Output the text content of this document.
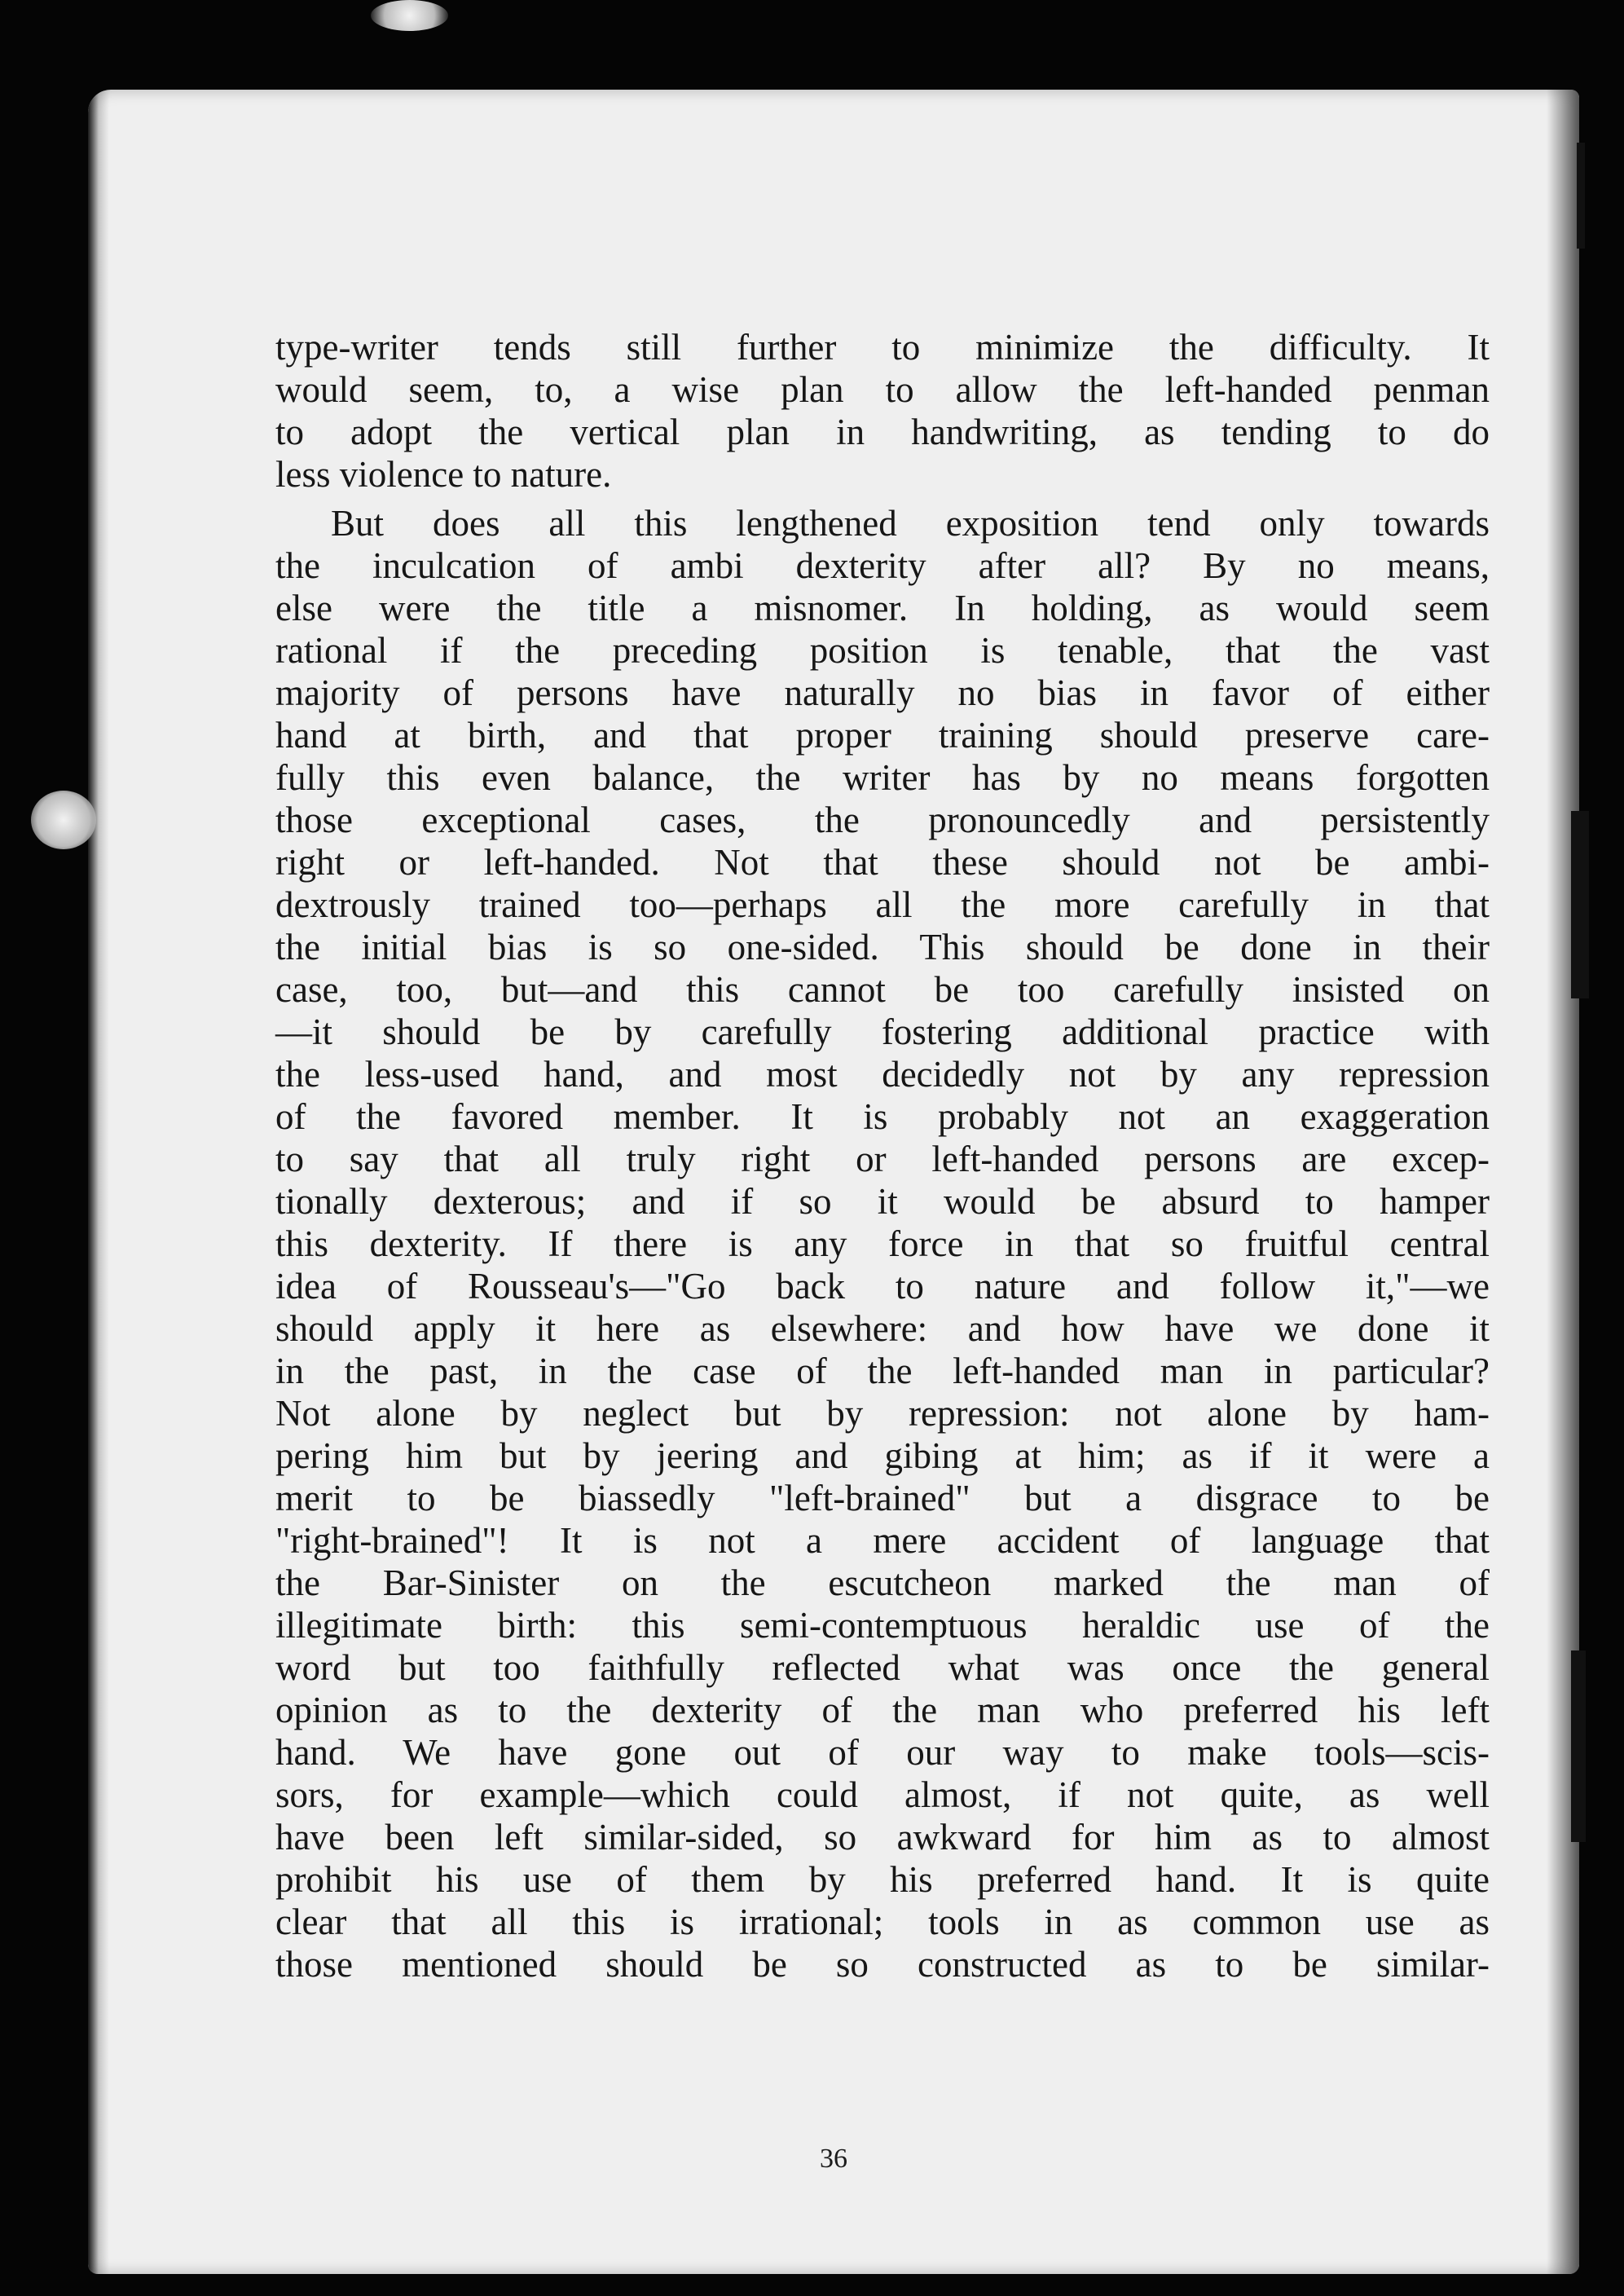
type-writer tends still further to minimize the difficulty. It
would seem, to, a wise plan to allow the left-handed penman
to adopt the vertical plan in handwriting, as tending to do
less violence to nature.
But does all this lengthened exposition tend only towards
the inculcation of ambi dexterity after all? By no means,
else were the title a misnomer. In holding, as would seem
rational if the preceding position is tenable, that the vast
majority of persons have naturally no bias in favor of either
hand at birth, and that proper training should preserve care-
fully this even balance, the writer has by no means forgotten
those exceptional cases, the pronouncedly and persistently
right or left-handed. Not that these should not be ambi-
dextrously trained too—perhaps all the more carefully in that
the initial bias is so one-sided. This should be done in their
case, too, but—and this cannot be too carefully insisted on
—it should be by carefully fostering additional practice with
the less-used hand, and most decidedly not by any repression
of the favored member. It is probably not an exaggeration
to say that all truly right or left-handed persons are excep-
tionally dexterous; and if so it would be absurd to hamper
this dexterity. If there is any force in that so fruitful central
idea of Rousseau's—"Go back to nature and follow it,"—we
should apply it here as elsewhere: and how have we done it
in the past, in the case of the left-handed man in particular?
Not alone by neglect but by repression: not alone by ham-
pering him but by jeering and gibing at him; as if it were a
merit to be biassedly "left-brained" but a disgrace to be
"right-brained"! It is not a mere accident of language that
the Bar-Sinister on the escutcheon marked the man of
illegitimate birth: this semi-contemptuous heraldic use of the
word but too faithfully reflected what was once the general
opinion as to the dexterity of the man who preferred his left
hand. We have gone out of our way to make tools—scis-
sors, for example—which could almost, if not quite, as well
have been left similar-sided, so awkward for him as to almost
prohibit his use of them by his preferred hand. It is quite
clear that all this is irrational; tools in as common use as
those mentioned should be so constructed as to be similar-
36
